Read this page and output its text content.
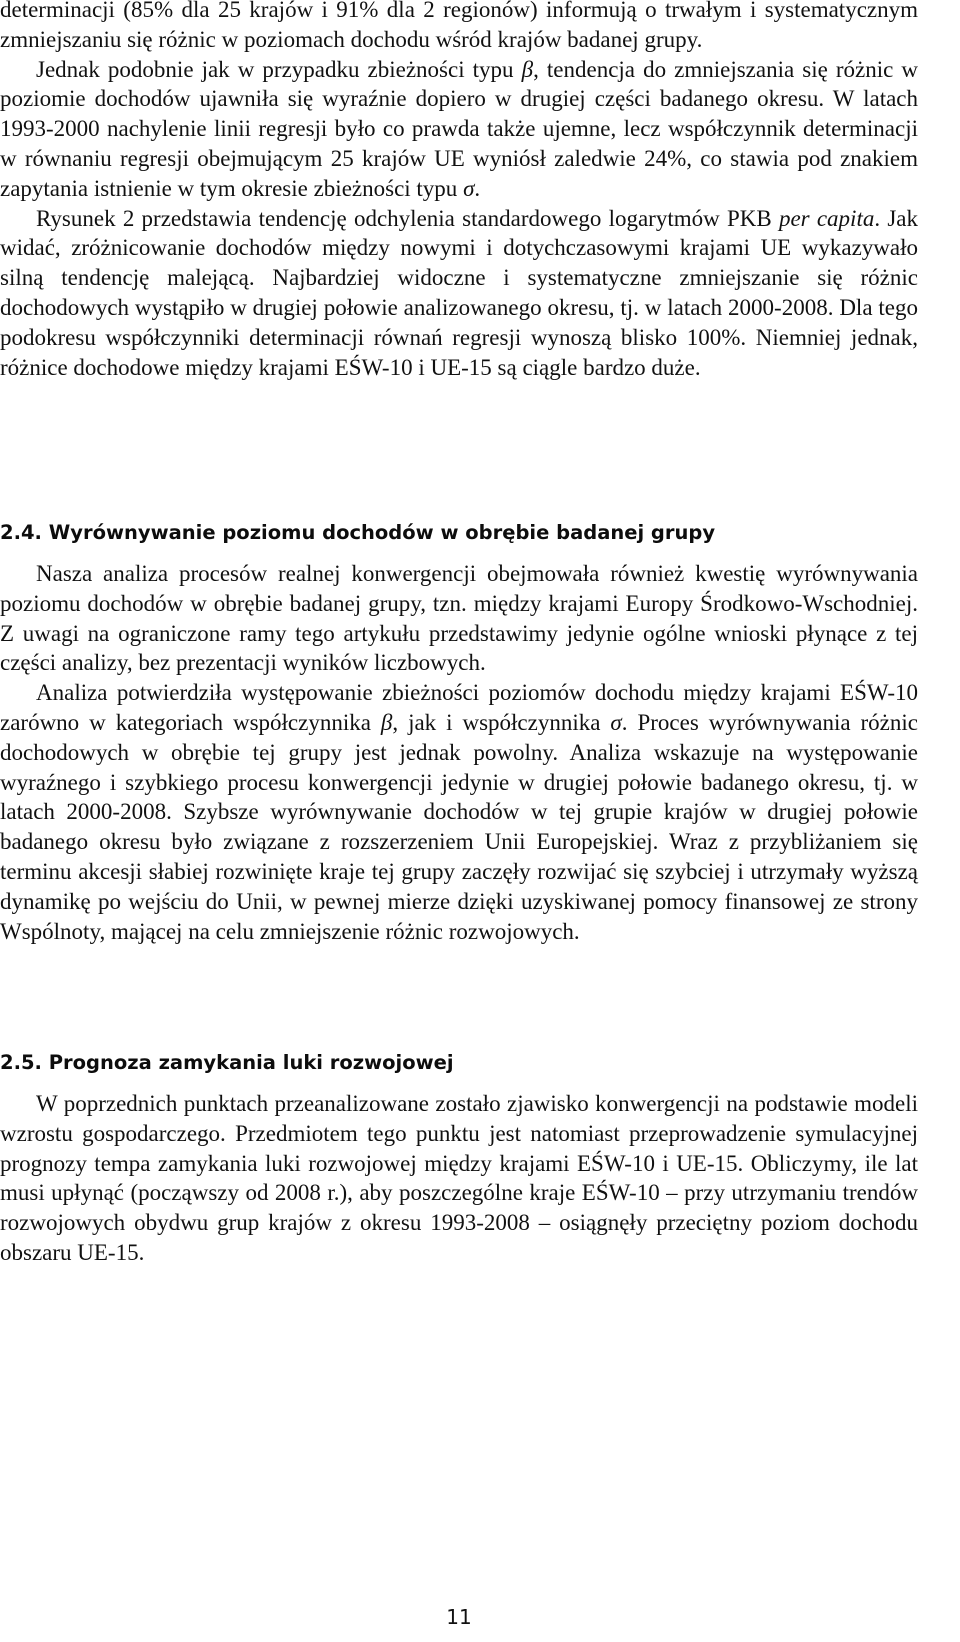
determinacji (85% dla 25 krajów i 91% dla 2 regionów) informują o trwałym i systematycznym zmniejszaniu się różnic w poziomach dochodu wśród krajów badanej grupy.

Jednak podobnie jak w przypadku zbieżności typu β, tendencja do zmniejszania się różnic w poziomie dochodów ujawniła się wyraźnie dopiero w drugiej części badanego okresu. W latach 1993-2000 nachylenie linii regresji było co prawda także ujemne, lecz współczynnik determinacji w równaniu regresji obejmującym 25 krajów UE wyniósł zaledwie 24%, co stawia pod znakiem zapytania istnienie w tym okresie zbieżności typu σ.

Rysunek 2 przedstawia tendencję odchylenia standardowego logarytmów PKB per capita. Jak widać, zróżnicowanie dochodów między nowymi i dotychczasowymi krajami UE wykazywało silną tendencję malejącą. Najbardziej widoczne i systematyczne zmniejszanie się różnic dochodowych wystąpiło w drugiej połowie analizowanego okresu, tj. w latach 2000-2008. Dla tego podokresu współczynniki determinacji równań regresji wynoszą blisko 100%. Niemniej jednak, różnice dochodowe między krajami EŚW-10 i UE-15 są ciągle bardzo duże.

2.4. Wyrównywanie poziomu dochodów w obrębie badanej grupy

Nasza analiza procesów realnej konwergencji obejmowała również kwestię wyrównywania poziomu dochodów w obrębie badanej grupy, tzn. między krajami Europy Środkowo-Wschodniej. Z uwagi na ograniczone ramy tego artykułu przedstawimy jedynie ogólne wnioski płynące z tej części analizy, bez prezentacji wyników liczbowych.

Analiza potwierdziła występowanie zbieżności poziomów dochodu między krajami EŚW-10 zarówno w kategoriach współczynnika β, jak i współczynnika σ. Proces wyrównywania różnic dochodowych w obrębie tej grupy jest jednak powolny. Analiza wskazuje na występowanie wyraźnego i szybkiego procesu konwergencji jedynie w drugiej połowie badanego okresu, tj. w latach 2000-2008. Szybsze wyrównywanie dochodów w tej grupie krajów w drugiej połowie badanego okresu było związane z rozszerzeniem Unii Europejskiej. Wraz z przybliżaniem się terminu akcesji słabiej rozwinięte kraje tej grupy zaczęły rozwijać się szybciej i utrzymały wyższą dynamikę po wejściu do Unii, w pewnej mierze dzięki uzyskiwanej pomocy finansowej ze strony Wspólnoty, mającej na celu zmniejszenie różnic rozwojowych.

2.5. Prognoza zamykania luki rozwojowej

W poprzednich punktach przeanalizowane zostało zjawisko konwergencji na podstawie modeli wzrostu gospodarczego. Przedmiotem tego punktu jest natomiast przeprowadzenie symulacyjnej prognozy tempa zamykania luki rozwojowej między krajami EŚW-10 i UE-15. Obliczymy, ile lat musi upłynąć (począwszy od 2008 r.), aby poszczególne kraje EŚW-10 – przy utrzymaniu trendów rozwojowych obydwu grup krajów z okresu 1993-2008 – osiągnęły przeciętny poziom dochodu obszaru UE-15.

11
